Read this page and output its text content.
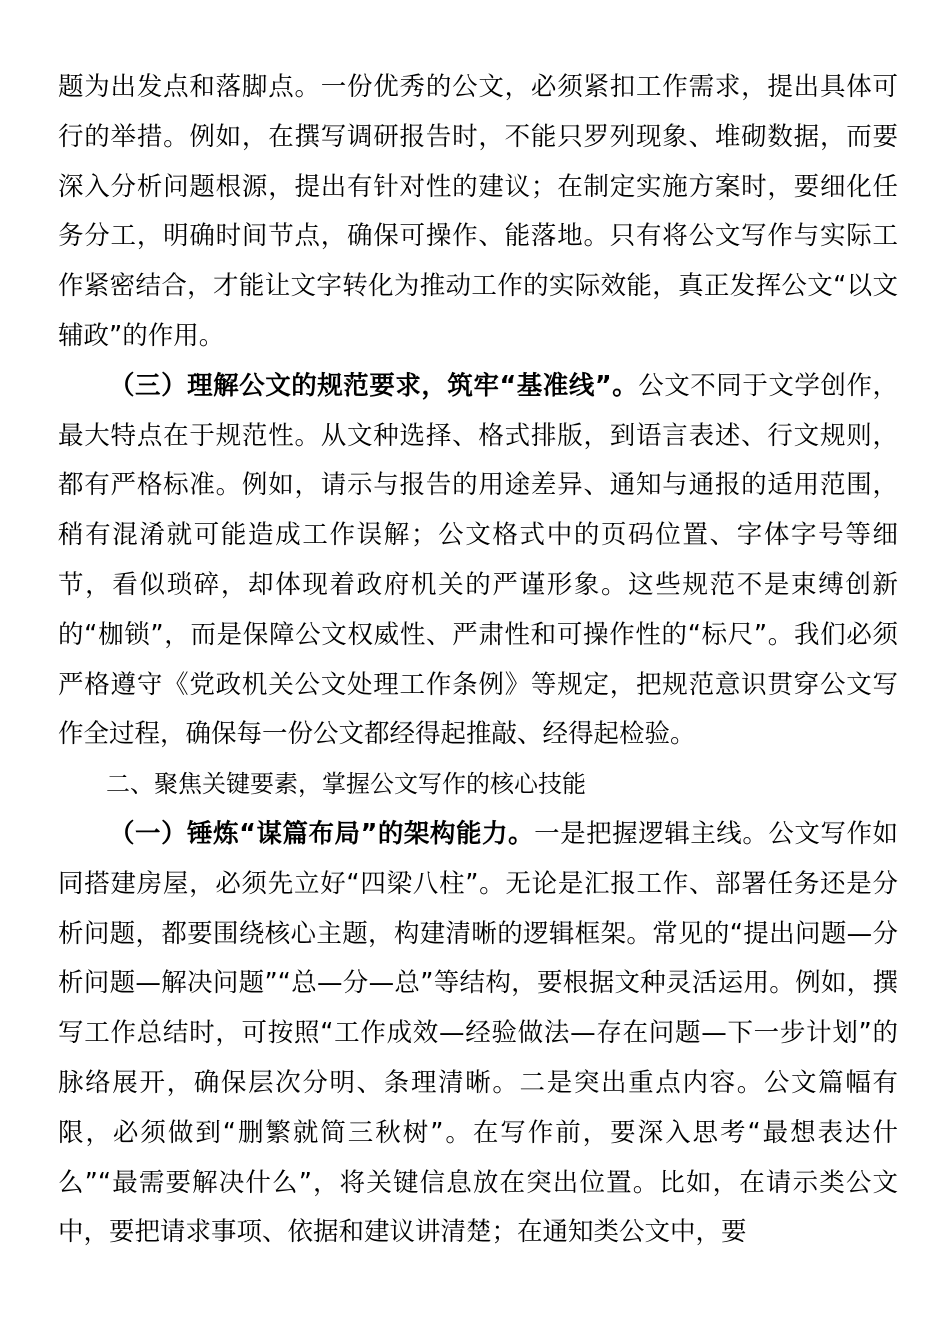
题为出发点和落脚点。一份优秀的公文，必须紧扣工作需求，提出具体可行的举措。例如，在撰写调研报告时，不能只罗列现象、堆砌数据，而要深入分析问题根源，提出有针对性的建议；在制定实施方案时，要细化任务分工，明确时间节点，确保可操作、能落地。只有将公文写作与实际工作紧密结合，才能让文字转化为推动工作的实际效能，真正发挥公文“以文辅政”的作用。

（三）理解公文的规范要求，筑牢“基准线”。公文不同于文学创作，最大特点在于规范性。从文种选择、格式排版，到语言表述、行文规则，都有严格标准。例如，请示与报告的用途差异、通知与通报的适用范围，稍有混淆就可能造成工作误解；公文格式中的页码位置、字体字号等细节，看似琐碎，却体现着政府机关的严谨形象。这些规范不是束缚创新的“枷锁”，而是保障公文权威性、严肃性和可操作性的“标尺”。我们必须严格遵守《党政机关公文处理工作条例》等规定，把规范意识贯穿公文写作全过程，确保每一份公文都经得起推敲、经得起检验。

二、聚焦关键要素，掌握公文写作的核心技能

（一）锤炼“谋篇布局”的架构能力。一是把握逻辑主线。公文写作如同搭建房屋，必须先立好“四梁八柱”。无论是汇报工作、部署任务还是分析问题，都要围绕核心主题，构建清晰的逻辑框架。常见的“提出问题—分析问题—解决问题”“总—分—总”等结构，要根据文种灵活运用。例如，撰写工作总结时，可按照“工作成效—经验做法—存在问题—下一步计划”的脉络展开，确保层次分明、条理清晰。二是突出重点内容。公文篇幅有限，必须做到“删繁就简三秋树”。在写作前，要深入思考“最想表达什么”“最需要解决什么”，将关键信息放在突出位置。比如，在请示类公文中，要把请求事项、依据和建议讲清楚；在通知类公文中，要
